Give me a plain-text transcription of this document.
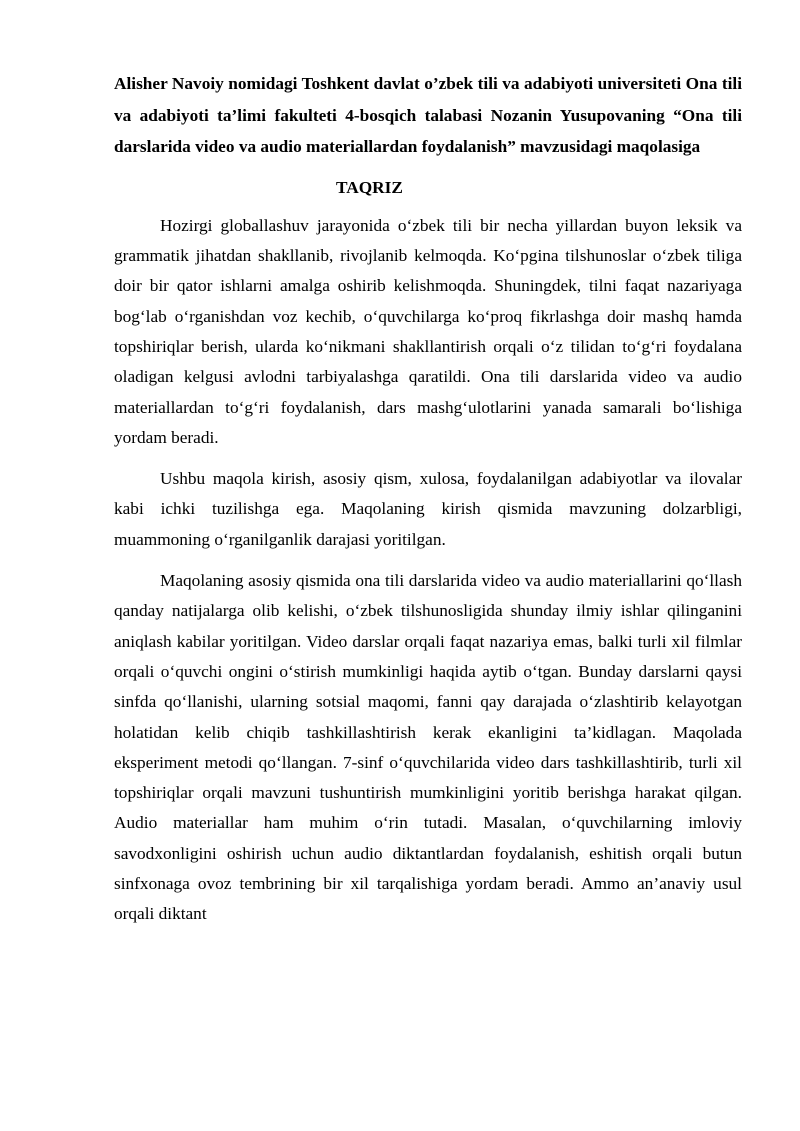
Alisher Navoiy nomidagi Toshkent davlat o’zbek tili va adabiyoti universiteti Ona tili va adabiyoti ta’limi fakulteti 4-bosqich talabasi Nozanin Yusupovaning “Ona tili darslarida video va audio materiallardan foydalanish” mavzusidagi maqolasiga

TAQRIZ

Hozirgi globallashuv jarayonida o‘zbek tili bir necha yillardan buyon leksik va grammatik jihatdan shakllanib, rivojlanib kelmoqda. Ko‘pgina tilshunoslar o‘zbek tiliga doir bir qator ishlarni amalga oshirib kelishmoqda. Shuningdek, tilni faqat nazariyaga bog‘lab o‘rganishdan voz kechib, o‘quvchilarga ko‘proq fikrlashga doir mashq hamda topshiriqlar berish, ularda ko‘nikmani shakllantirish orqali o‘z tilidan to‘g‘ri foydalana oladigan kelgusi avlodni tarbiyalashga qaratildi. Ona tili darslarida video va audio materiallardan to‘g‘ri foydalanish, dars mashg‘ulotlarini yanada samarali bo‘lishiga yordam beradi.

Ushbu maqola kirish, asosiy qism, xulosa, foydalanilgan adabiyotlar va ilovalar kabi ichki tuzilishga ega. Maqolaning kirish qismida mavzuning dolzarbligi, muammoning o‘rganilganlik darajasi yoritilgan.

Maqolaning asosiy qismida ona tili darslarida video va audio materiallarini qo‘llash qanday natijalarga olib kelishi, o‘zbek tilshunosligida shunday ilmiy ishlar qilinganini aniqlash kabilar yoritilgan. Video darslar orqali faqat nazariya emas, balki turli xil filmlar orqali o‘quvchi ongini o‘stirish mumkinligi haqida aytib o‘tgan. Bunday darslarni qaysi sinfda qo‘llanishi, ularning sotsial maqomi, fanni qay darajada o‘zlashtirib kelayotgan holatidan kelib chiqib tashkillashtirish kerak ekanligini ta’kidlagan. Maqolada eksperiment metodi qo‘llangan. 7-sinf o‘quvchilarida video dars tashkillashtirib, turli xil topshiriqlar orqali mavzuni tushuntirish mumkinligini yoritib berishga harakat qilgan. Audio materiallar ham muhim o‘rin tutadi. Masalan, o‘quvchilarning imloviy savodxonligini oshirish uchun audio diktantlardan foydalanish, eshitish orqali butun sinfxonaga ovoz tembrining bir xil tarqalishiga yordam beradi. Ammo an’anaviy usul orqali diktant
